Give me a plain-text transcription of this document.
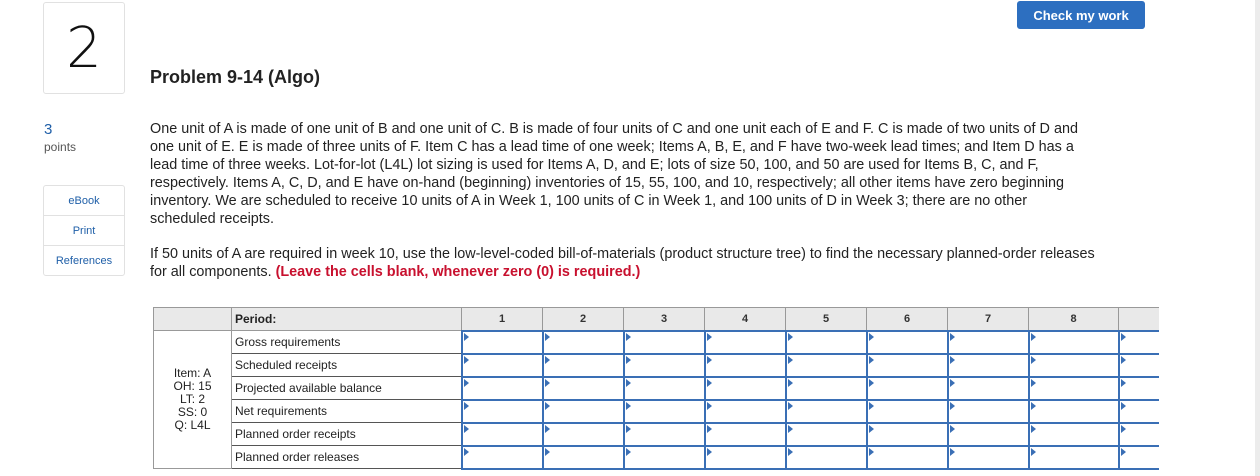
2
3
points
eBook
Print
References
Check my work
Problem 9-14 (Algo)

One unit of A is made of one unit of B and one unit of C. B is made of four units of C and one unit each of E and F. C is made of two units of D and one unit of E. E is made of three units of F. Item C has a lead time of one week; Items A, B, E, and F have two-week lead times; and Item D has a lead time of three weeks. Lot-for-lot (L4L) lot sizing is used for Items A, D, and E; lots of size 50, 100, and 50 are used for Items B, C, and F, respectively. Items A, C, D, and E have on-hand (beginning) inventories of 15, 55, 100, and 10, respectively; all other items have zero beginning inventory. We are scheduled to receive 10 units of A in Week 1, 100 units of C in Week 1, and 100 units of D in Week 3; there are no other scheduled receipts.

If 50 units of A are required in week 10, use the low-level-coded bill-of-materials (product structure tree) to find the necessary planned-order releases for all components. (Leave the cells blank, whenever zero (0) is required.)

	Period:	1	2	3	4	5	6	7	8	

Item: A
OH: 15
LT: 2
SS: 0
Q: L4L	Gross requirements									
	Scheduled receipts									
	Projected available balance									
	Net requirements									
	Planned order receipts									
	Planned order releases									
